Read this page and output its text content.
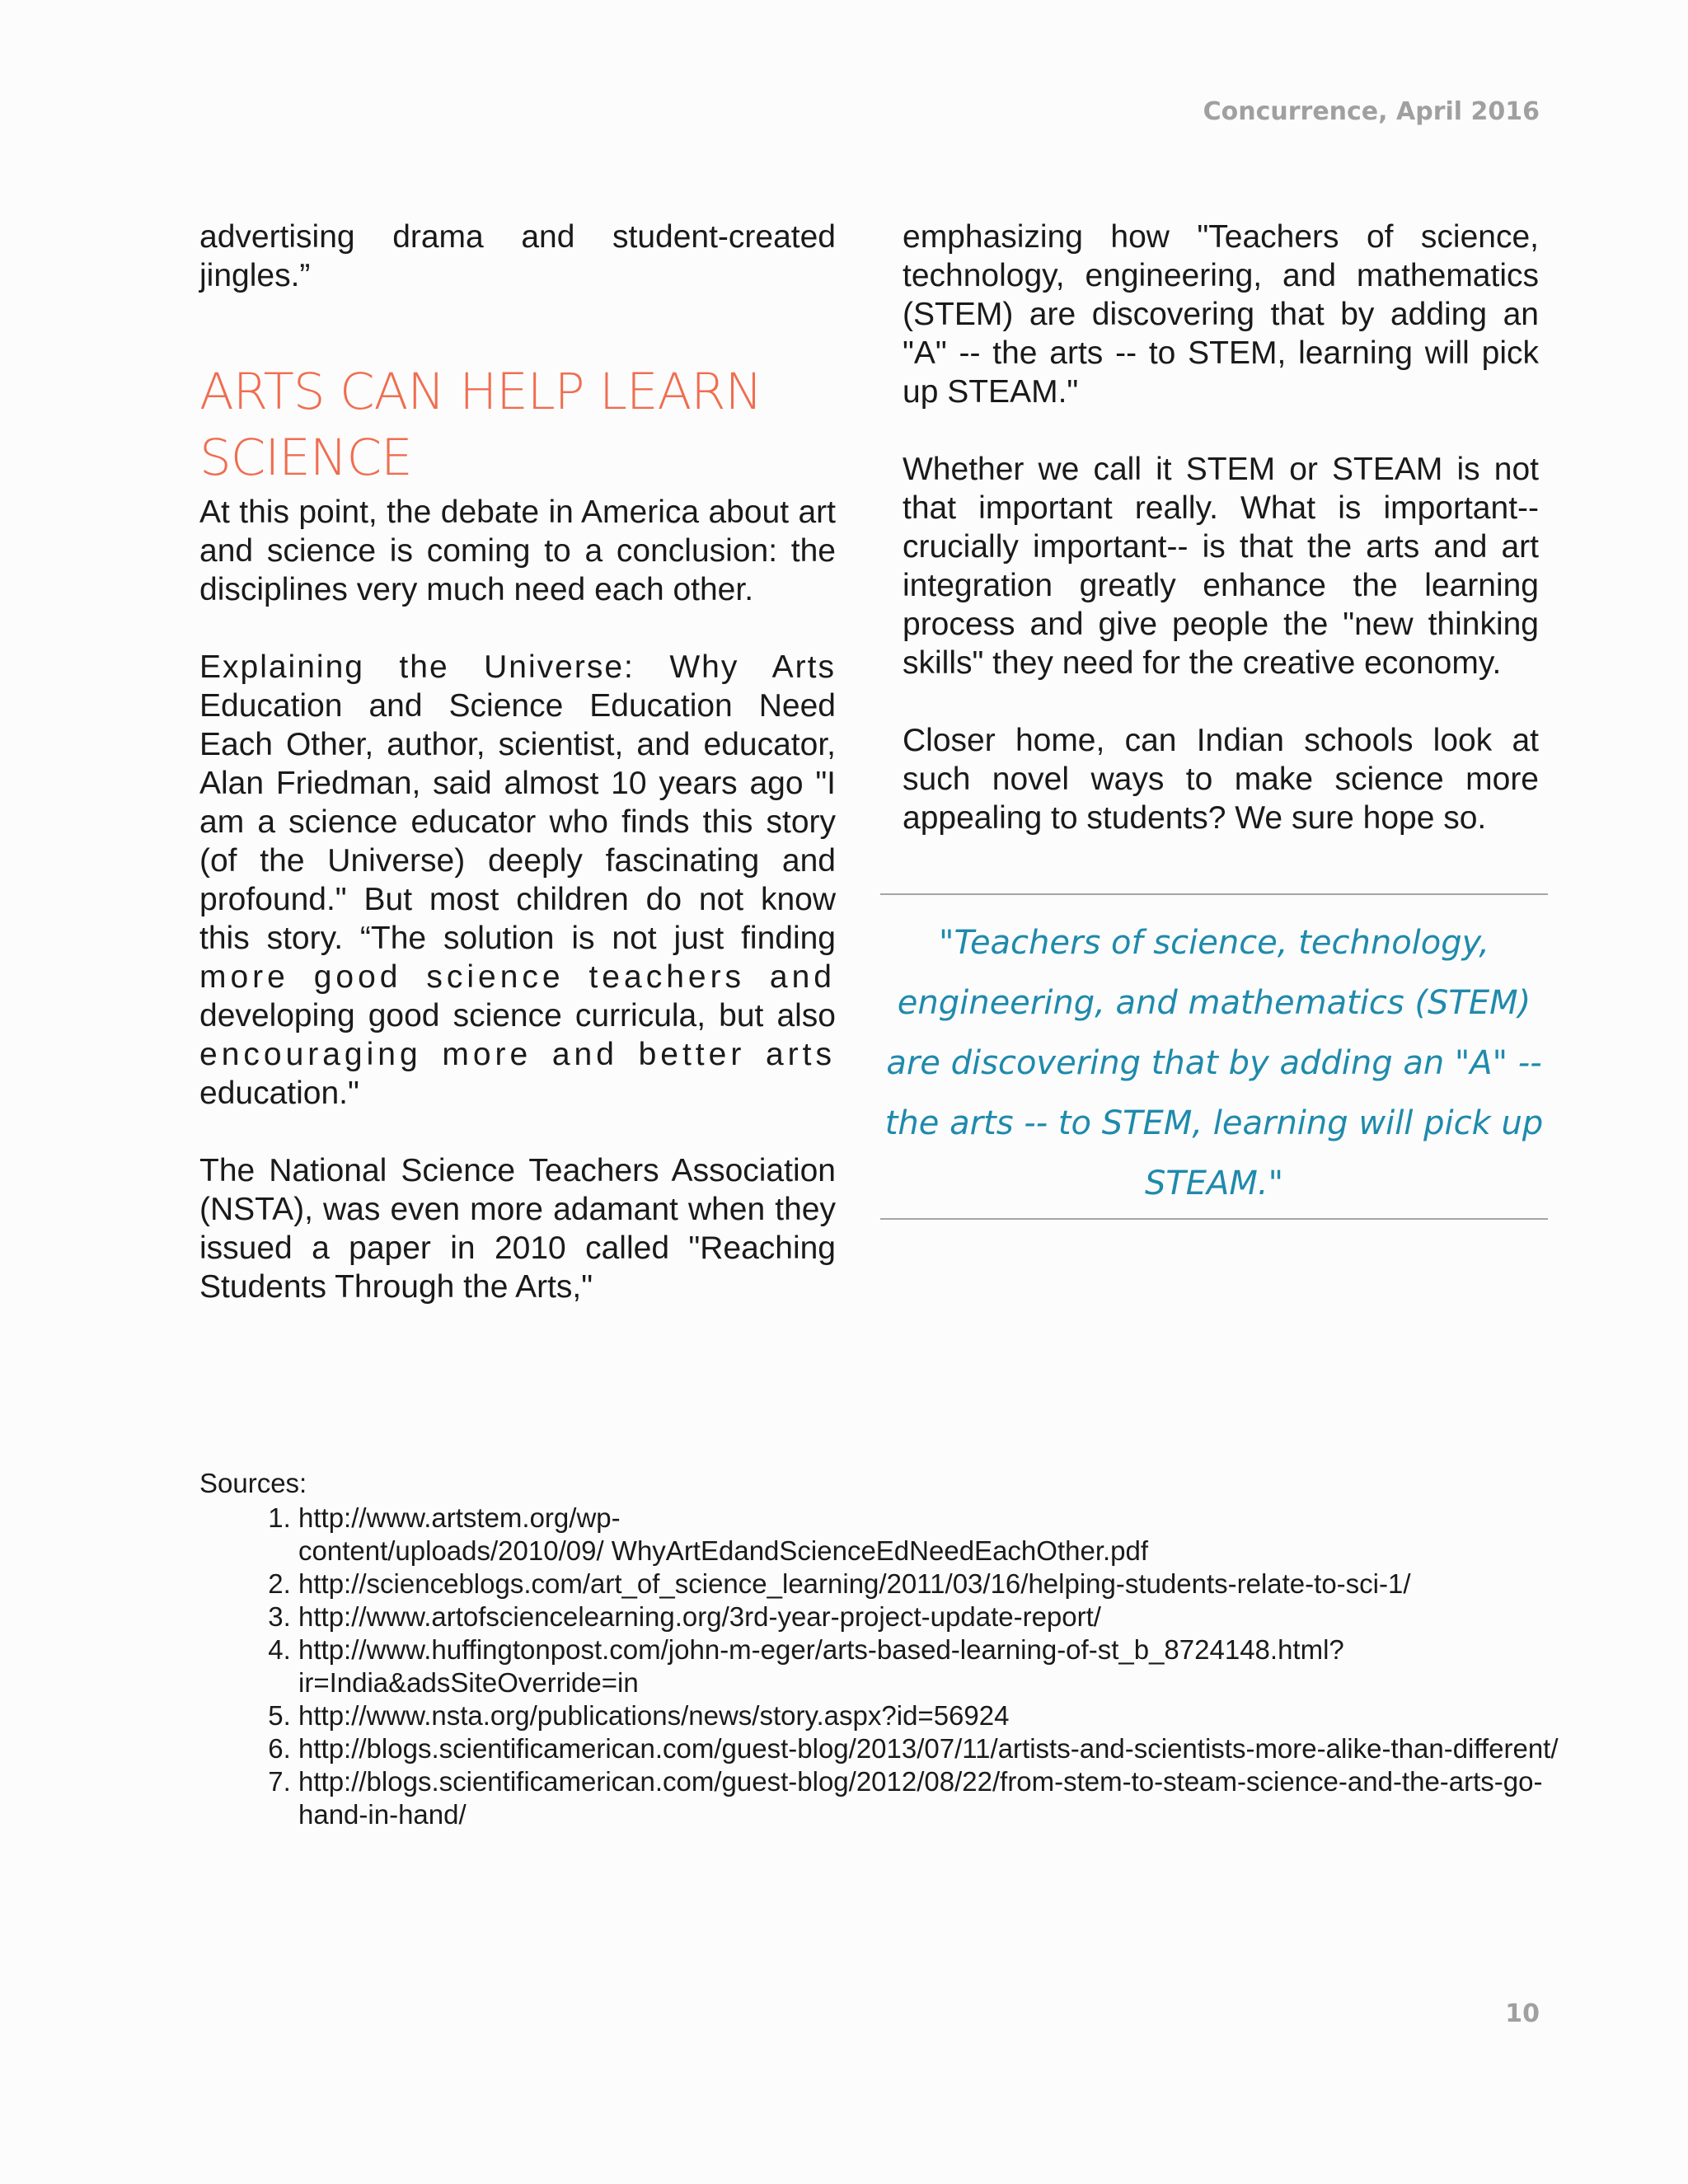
Concurrence, April 2016

advertising drama and student-created jingles.”

ARTS CAN HELP LEARN SCIENCE

At this point, the debate in America about art and science is coming to a conclusion: the disciplines very much need each other.

Explaining the Universe: Why Arts Education and Science Education Need Each Other, author, scientist, and educator, Alan Friedman, said almost 10 years ago "I am a science educator who finds this story (of the Universe) deeply fascinating and profound." But most children do not know this story. “The solution is not just finding more good science teachers and developing good science curricula, but also encouraging more and better arts education."

The National Science Teachers Association (NSTA), was even more adamant when they issued a paper in 2010 called "Reaching Students Through the Arts,"

emphasizing how "Teachers of science, technology, engineering, and mathematics (STEM) are discovering that by adding an "A" -- the arts -- to STEM, learning will pick up STEAM."

Whether we call it STEM or STEAM is not that important really. What is important-- crucially important-- is that the arts and art integration greatly enhance the learning process and give people the "new thinking skills" they need for the creative economy.

Closer home, can Indian schools look at such novel ways to make science more appealing to students? We sure hope so.

"Teachers of science, technology, engineering, and mathematics (STEM) are discovering that by adding an "A" -- the arts -- to STEM, learning will pick up STEAM."
Sources:
1. http://www.artstem.org/wp-
content/uploads/2010/09/ WhyArtEdandScienceEdNeedEachOther.pdf
2. http://scienceblogs.com/art_of_science_learning/2011/03/16/helping-students-relate-to-sci-1/
3. http://www.artofsciencelearning.org/3rd-year-project-update-report/
4. http://www.huffingtonpost.com/john-m-eger/arts-based-learning-of-st_b_8724148.html?ir=India&adsSiteOverride=in
5. http://www.nsta.org/publications/news/story.aspx?id=56924
6. http://blogs.scientificamerican.com/guest-blog/2013/07/11/artists-and-scientists-more-alike-than-different/
7. http://blogs.scientificamerican.com/guest-blog/2012/08/22/from-stem-to-steam-science-and-the-arts-go-hand-in-hand/
10
